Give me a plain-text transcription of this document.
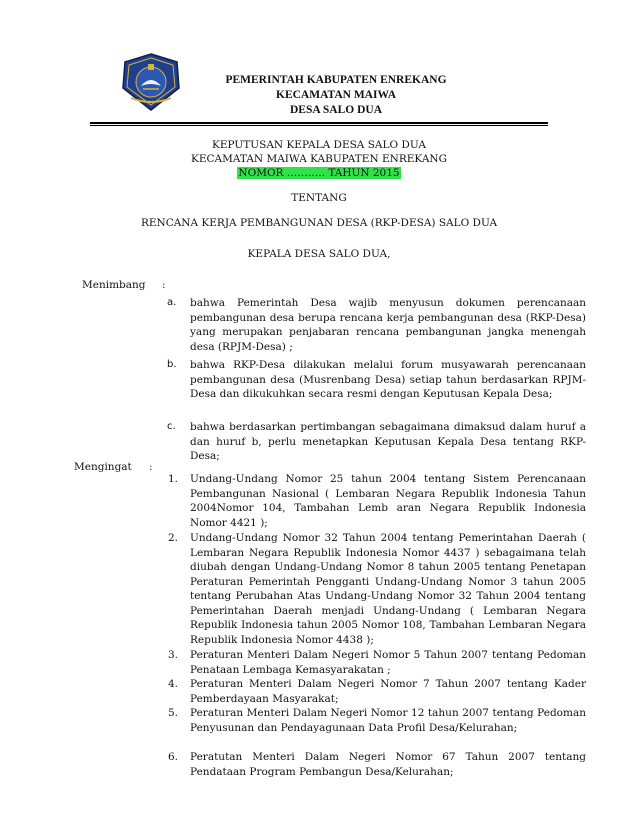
PEMERINTAH KABUPATEN ENREKANG
KECAMATAN MAIWA
DESA SALO DUA
KEPUTUSAN KEPALA DESA SALO DUA
KECAMATAN MAIWA KABUPATEN ENREKANG
NOMOR ……….. TAHUN 2015
TENTANG
RENCANA KERJA PEMBANGUNAN DESA (RKP-DESA) SALO DUA
KEPALA DESA SALO DUA,
Menimbang :
a. bahwa Pemerintah Desa wajib menyusun dokumen perencanaan pembangunan desa berupa rencana kerja pembangunan desa (RKP-Desa) yang merupakan penjabaran rencana pembangunan jangka menengah desa (RPJM-Desa) ;
b. bahwa RKP-Desa dilakukan melalui forum musyawarah perencanaan pembangunan desa (Musrenbang Desa) setiap tahun berdasarkan RPJM-Desa dan dikukuhkan secara resmi dengan Keputusan Kepala Desa;
c. bahwa berdasarkan pertimbangan sebagaimana dimaksud dalam huruf a dan huruf b, perlu menetapkan Keputusan Kepala Desa tentang RKP-Desa;
Mengingat :
1. Undang-Undang Nomor 25 tahun 2004 tentang Sistem Perencanaan Pembangunan Nasional ( Lembaran Negara Republik Indonesia Tahun 2004Nomor 104, Tambahan Lemb aran Negara Republik Indonesia Nomor 4421 );
2. Undang-Undang Nomor 32 Tahun 2004 tentang Pemerintahan Daerah ( Lembaran Negara Republik Indonesia Nomor 4437 ) sebagaimana telah diubah dengan Undang-Undang Nomor 8 tahun 2005 tentang Penetapan Peraturan Pemerintah Pengganti Undang-Undang Nomor 3 tahun 2005 tentang Perubahan Atas Undang-Undang Nomor 32 Tahun 2004 tentang Pemerintahan Daerah menjadi Undang-Undang ( Lembaran Negara Republik Indonesia tahun 2005 Nomor 108, Tambahan Lembaran Negara Republik Indonesia Nomor 4438 );
3. Peraturan Menteri Dalam Negeri Nomor 5 Tahun 2007 tentang Pedoman Penataan Lembaga Kemasyarakatan ;
4. Peraturan Menteri Dalam Negeri Nomor 7 Tahun 2007 tentang Kader Pemberdayaan Masyarakat;
5. Peraturan Menteri Dalam Negeri Nomor 12 tahun 2007 tentang Pedoman Penyusunan dan Pendayagunaan Data Profil Desa/Kelurahan;
6. Peratutan Menteri Dalam Negeri Nomor 67 Tahun 2007 tentang Pendataan Program Pembangun Desa/Kelurahan;
